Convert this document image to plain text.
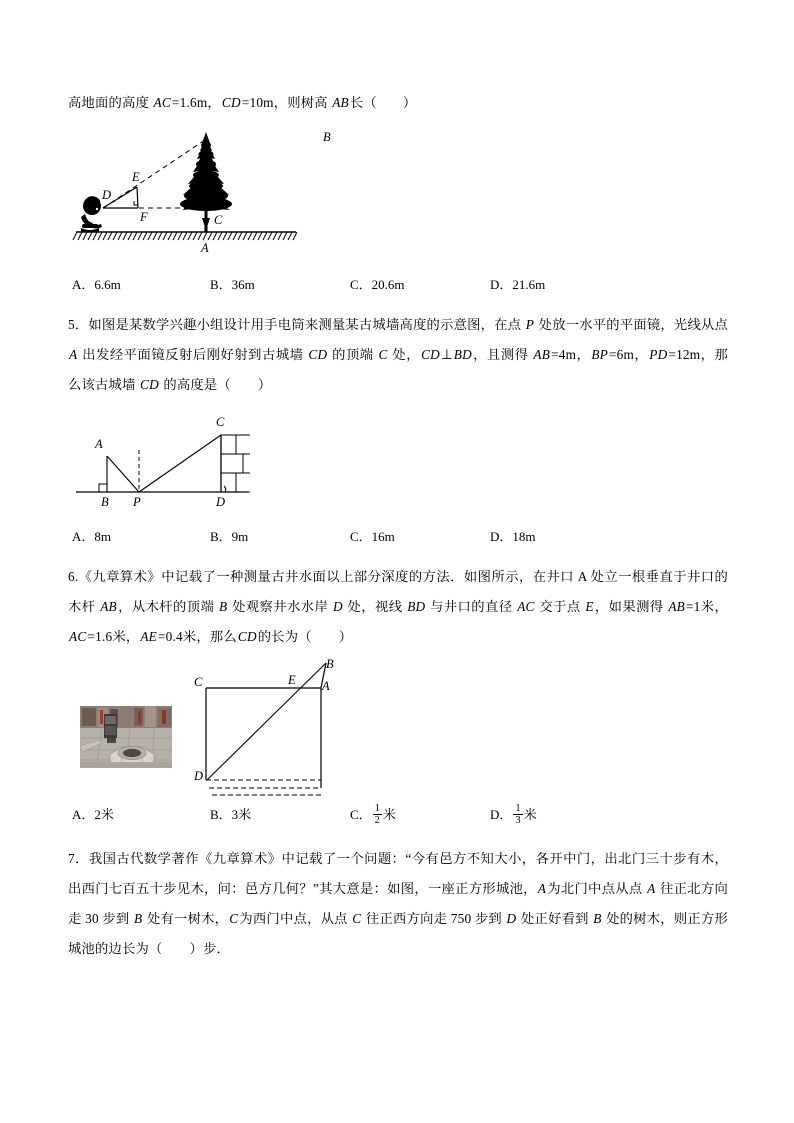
高地面的高度 AC=1.6m，CD=10m，则树高 AB长（ ）
B
E
D
F	C
A
A．6.6m	B．36m	C．20.6m	D．21.6m
5．如图是某数学兴趣小组设计用手电筒来测量某古城墙高度的示意图，在点 P 处放一水平的平面镜，光线从点 A 出发经平面镜反射后刚好射到古城墙 CD 的顶端 C 处，CD⊥BD，且测得 AB=4m，BP=6m，PD=12m，那么该古城墙 CD 的高度是（　　）
A
C
B P	D
A．8m	B．9m	C．16m	D．18m
6.《九章算术》中记载了一种测量古井水面以上部分深度的方法．如图所示，在井口 A 处立一根垂直于井口的木杆 AB，从木杆的顶端 B 处观察井水水岸 D 处，视线 BD 与井口的直径 AC 交于点 E，如果测得 AB=1米，AC=1.6米，AE=0.4米，那么CD的长为（　　）
B
C	E A
D
A．2米	B．3米	C． $\frac{1}{2}$ 米	D． $\frac{1}{3}$ 米
7．我国古代数学著作《九章算术》中记载了一个问题：“今有邑方不知大小，各开中门，出北门三十步有木，出西门七百五十步见木，问：邑方几何？”其大意是：如图，一座正方形城池，A为北门中点从点 A 往正北方向走 30 步到 B 处有一树木，C为西门中点，从点 C 往正西方向走 750 步到 D 处正好看到 B 处的树木，则正方形城池的边长为（　　）步．
